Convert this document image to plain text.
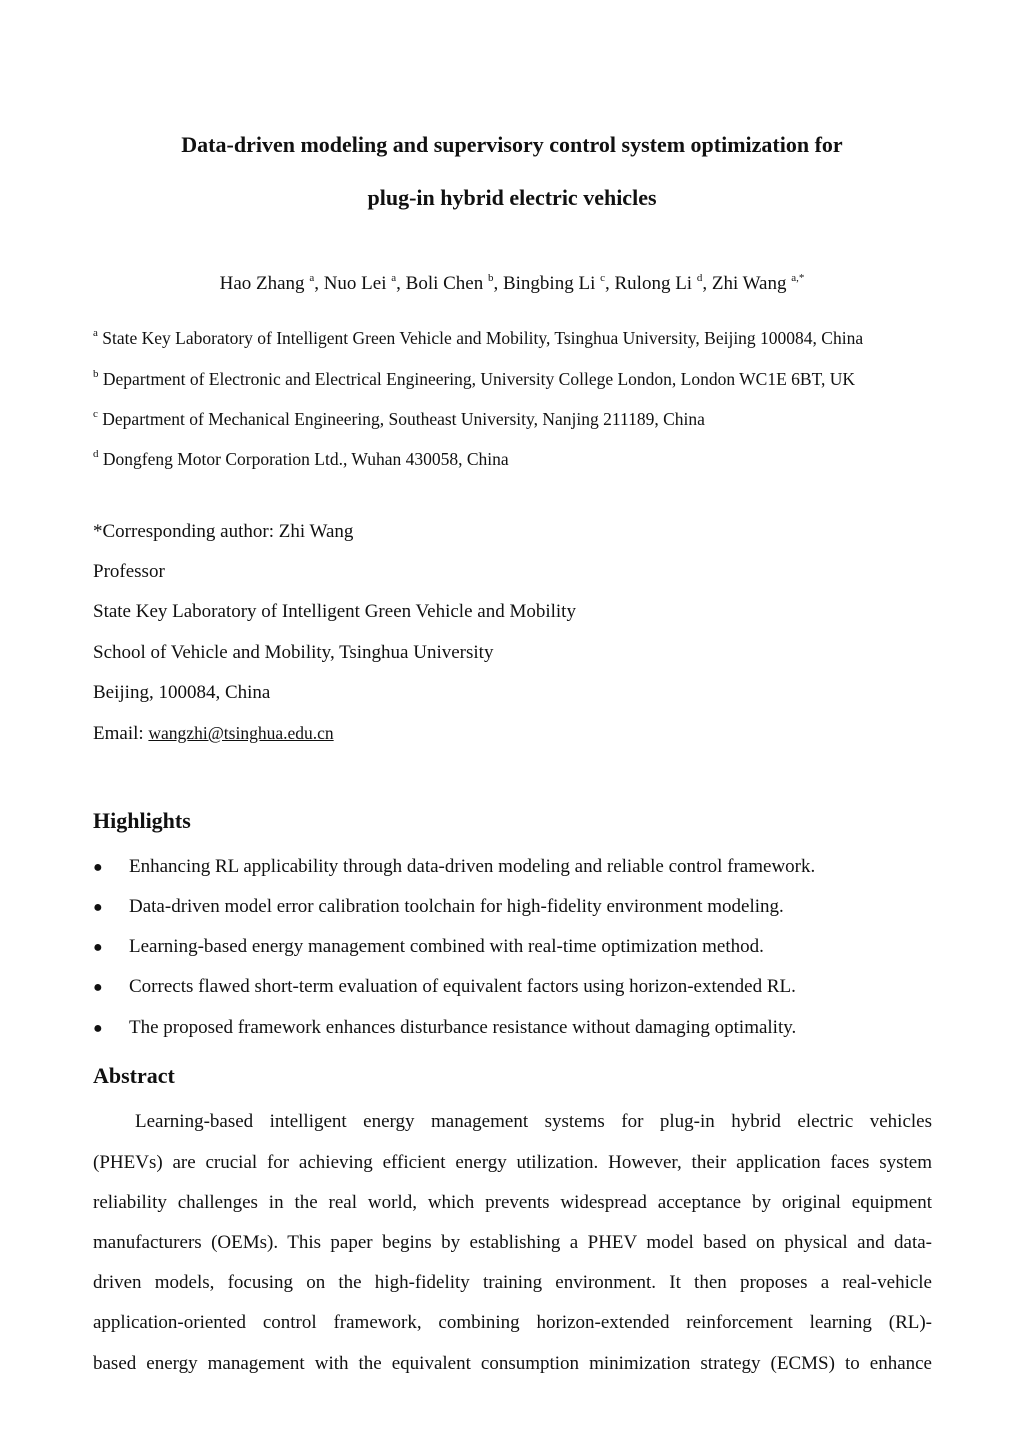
Data-driven modeling and supervisory control system optimization for
plug-in hybrid electric vehicles
Hao Zhang $^a$, Nuo Lei $^a$, Boli Chen $^b$, Bingbing Li $^c$, Rulong Li $^d$, Zhi Wang $^{a,*}$
$^a$ State Key Laboratory of Intelligent Green Vehicle and Mobility, Tsinghua University, Beijing 100084, China
$^b$ Department of Electronic and Electrical Engineering, University College London, London WC1E 6BT, UK
$^c$ Department of Mechanical Engineering, Southeast University, Nanjing 211189, China
$^d$ Dongfeng Motor Corporation Ltd., Wuhan 430058, China
*Corresponding author: Zhi Wang
Professor
State Key Laboratory of Intelligent Green Vehicle and Mobility
School of Vehicle and Mobility, Tsinghua University
Beijing, 100084, China
Email: wangzhi@tsinghua.edu.cn
Highlights
● Enhancing RL applicability through data-driven modeling and reliable control framework.
● Data-driven model error calibration toolchain for high-fidelity environment modeling.
● Learning-based energy management combined with real-time optimization method.
● Corrects flawed short-term evaluation of equivalent factors using horizon-extended RL.
● The proposed framework enhances disturbance resistance without damaging optimality.
Abstract
Learning-based intelligent energy management systems for plug-in hybrid electric vehicles
(PHEVs) are crucial for achieving efficient energy utilization. However, their application faces system
reliability challenges in the real world, which prevents widespread acceptance by original equipment
manufacturers (OEMs). This paper begins by establishing a PHEV model based on physical and data-
driven models, focusing on the high-fidelity training environment. It then proposes a real-vehicle
application-oriented control framework, combining horizon-extended reinforcement learning (RL)-
based energy management with the equivalent consumption minimization strategy (ECMS) to enhance
